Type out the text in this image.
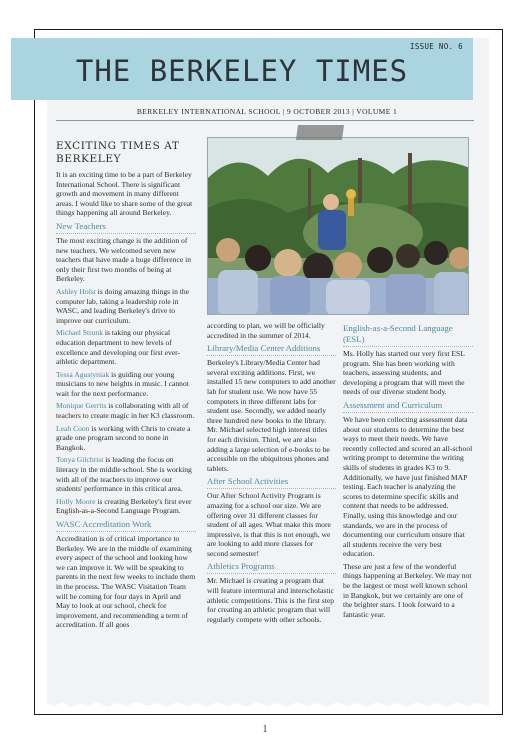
ISSUE NO. 6
THE BERKELEY TIMES
BERKELEY INTERNATIONAL SCHOOL | 9 OCTOBER 2013 | VOLUME 1
EXCITING TIMES AT BERKELEY

It is an exciting time to be a part of Berkeley International School. There is significant growth and movement in many different areas. I would like to share some of the great things happening all around Berkeley.

New Teachers

The most exciting change is the addition of new teachers. We welcomed seven new teachers that have made a huge difference in only their first two months of being at Berkeley.

Ashley Holst is doing amazing things in the computer lab, taking a leadership role in WASC, and leading Berkeley's drive to improve our curriculum.

Michael Strunk is taking our physical education department to new levels of excellence and developing our first ever-athletic department.

Tessa Agustyniak is guiding our young musicians to new heights in music. I cannot wait for the next performance.

Monique Gerrits is collaborating with all of teachers to create magic in her K3 classroom.

Leah Coon is working with Chris to create a grade one program second to none in Bangkok.

Tonya Gilchrist is leading the focus on literacy in the middle school. She is working with all of the teachers to improve our students' performance in this critical area.

Holly Moore is creating Berkeley's first ever English-as-a-Second Language Program.

WASC Accreditation Work

Accreditation is of critical importance to Berkeley. We are in the middle of examining every aspect of the school and looking how we can improve it. We will be speaking to parents in the next few weeks to include them in the process. The WASC Visitation Team will be coming for four days in April and May to look at our school, check for improvement, and recommending a term of accreditation. If all goes

according to plan, we will be officially accredited in the summer of 2014.

Library/Media Center Additions

Berkeley's Library/Media Center had several exciting additions. First, we installed 15 new computers to add another lab for student use. We now have 55 computers in three different labs for student use. Secondly, we added nearly three hundred new books to the library. Mr. Michael selected high interest titles for each division. Third, we are also adding a large selection of e-books to be accessible on the ubiquitous phones and tablets.

After School Activities

Our After School Activity Program is amazing for a school our size. We are offering over 31 different classes for student of all ages. What make this more impressive, is that this is not enough, we are looking to add more classes for second semester!

Athletics Programs

Mr. Michael is creating a program that will feature intermural and interscholastic athletic competitions. This is the first step for creating an athletic program that will regularly compete with other schools.

English-as-a-Second Language (ESL)

Ms. Holly has started our very first ESL program. She has been working with teachers, assessing students, and developing a program that will meet the needs of our diverse student body.

Assessment and Curriculum

We have been collecting assessment data about our students to determine the best ways to meet their needs. We have recently collected and scored an all-school writing prompt to determine the writing skills of students in grades K3 to 9. Additionally, we have just finished MAP testing. Each teacher is analyzing the scores to determine specific skills and content that needs to be addressed. Finally, using this knowledge and our standards, we are in the process of documenting our curriculum ensure that all students receive the very best education.

These are just a few of the wonderful things happening at Berkeley. We may not be the largest or most well known school in Bangkok, but we certainly are one of the brighter stars. I look forward to a fantastic year.

1
